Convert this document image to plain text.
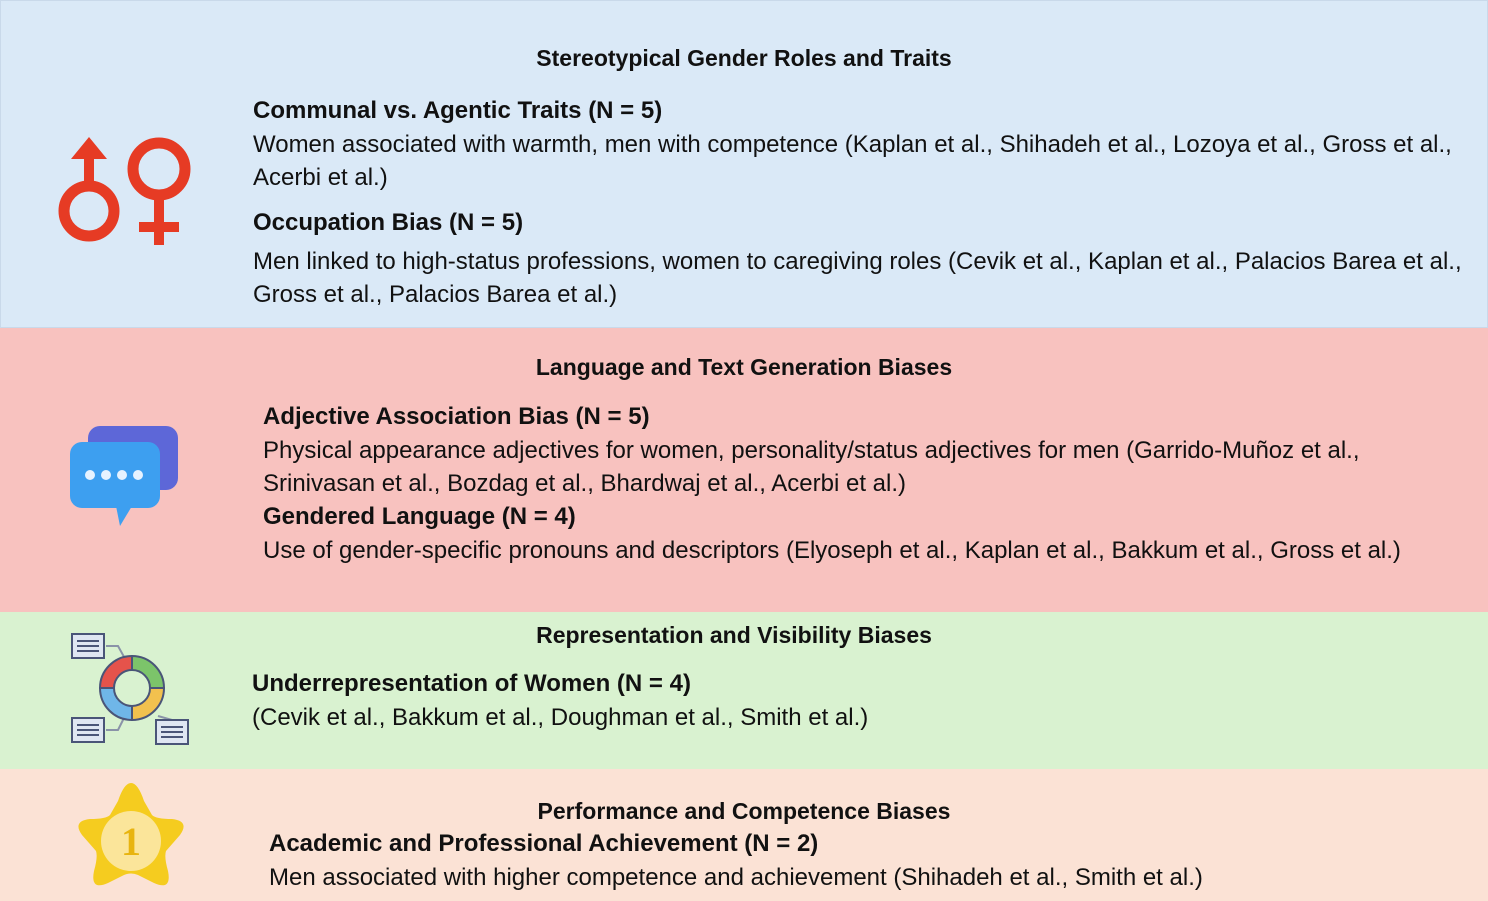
Stereotypical Gender Roles and Traits
Communal vs. Agentic Traits (N = 5)
Women associated with warmth, men with competence (Kaplan et al., Shihadeh et al., Lozoya et al., Gross et al., Acerbi et al.)
Occupation Bias (N = 5)
Men linked to high-status professions, women to caregiving roles (Cevik et al., Kaplan et al., Palacios Barea et al., Gross et al., Palacios Barea et al.)
Language and Text Generation Biases
Adjective Association Bias (N = 5)
Physical appearance adjectives for women, personality/status adjectives for men (Garrido-Muñoz et al., Srinivasan et al., Bozdag et al., Bhardwaj et al., Acerbi et al.)
Gendered Language (N = 4)
Use of gender-specific pronouns and descriptors (Elyoseph et al., Kaplan et al., Bakkum et al., Gross et al.)
Representation and Visibility Biases
Underrepresentation of Women (N = 4)
(Cevik et al., Bakkum et al., Doughman et al., Smith et al.)
Performance and Competence Biases
1	Academic and Professional Achievement (N = 2)
Men associated with higher competence and achievement (Shihadeh et al., Smith et al.)
